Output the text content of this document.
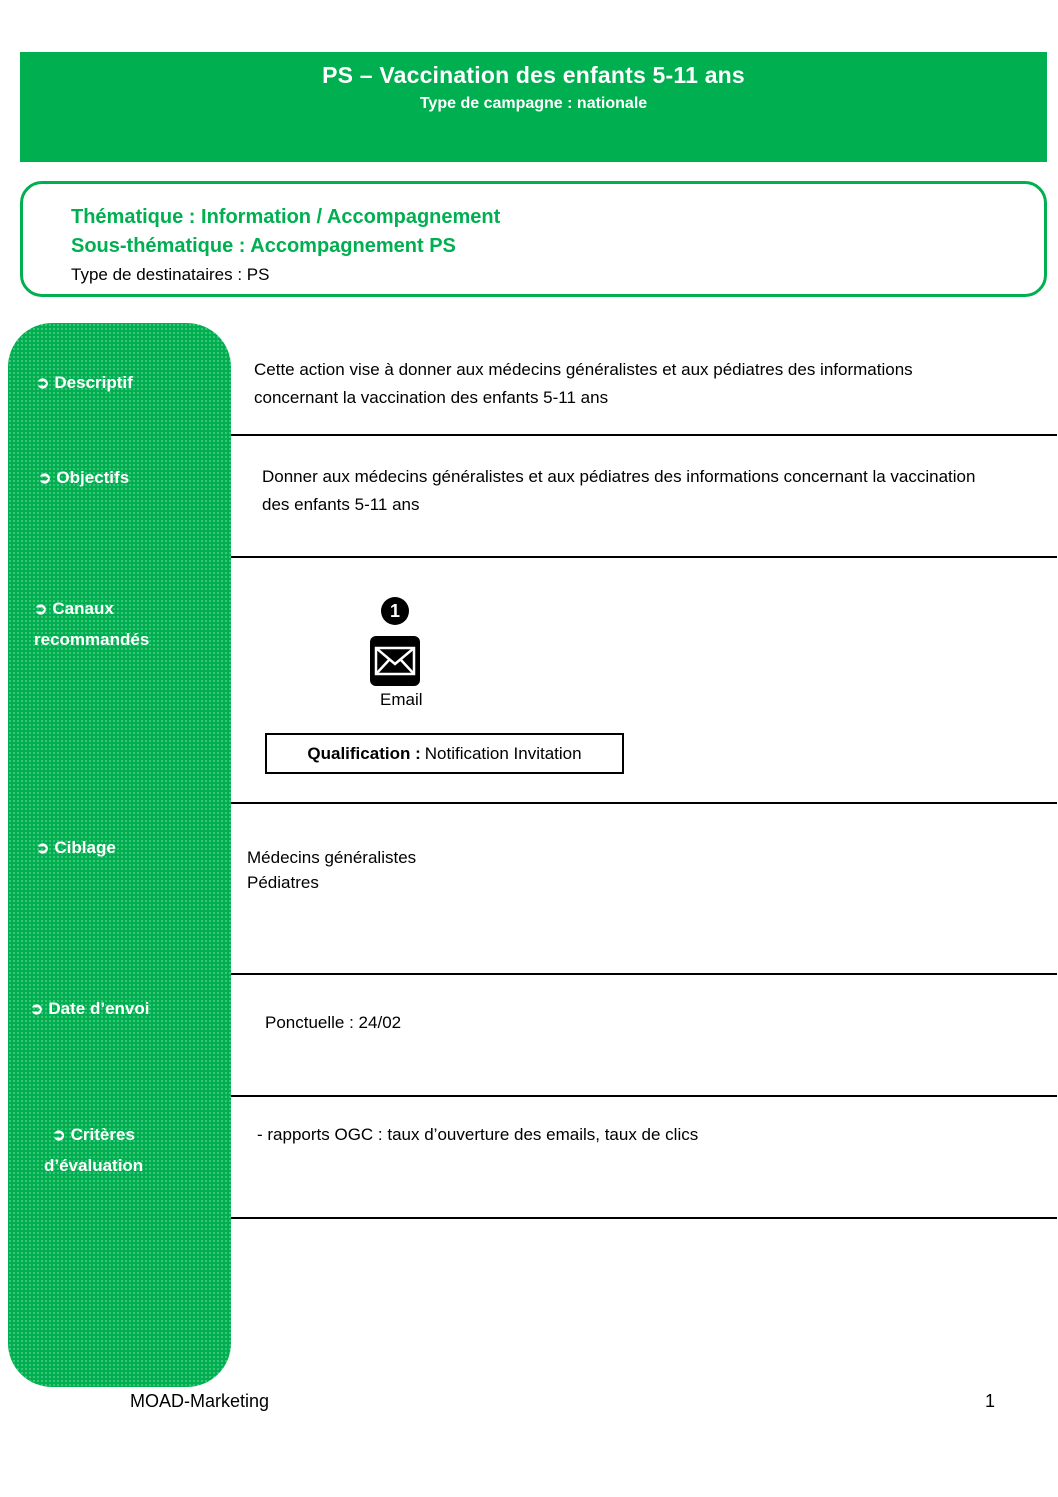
PS – Vaccination des enfants 5-11 ans
Type de campagne : nationale
Thématique : Information / Accompagnement
Sous-thématique : Accompagnement PS
Type de destinataires : PS
➲ Descriptif
➲ Objectifs
➲ Canaux
recommandés
➲ Ciblage
➲ Date d’envoi
➲ Critères
d’évaluation
Cette action vise à donner aux médecins généralistes et aux pédiatres des informations
concernant la vaccination des enfants 5-11 ans
Donner aux médecins généralistes et aux pédiatres des informations concernant la vaccination
des enfants 5-11 ans
1
Email
Qualification : Notification Invitation
Médecins généralistes
Pédiatres
Ponctuelle : 24/02
- rapports OGC : taux d’ouverture des emails, taux de clics
MOAD-Marketing	1
